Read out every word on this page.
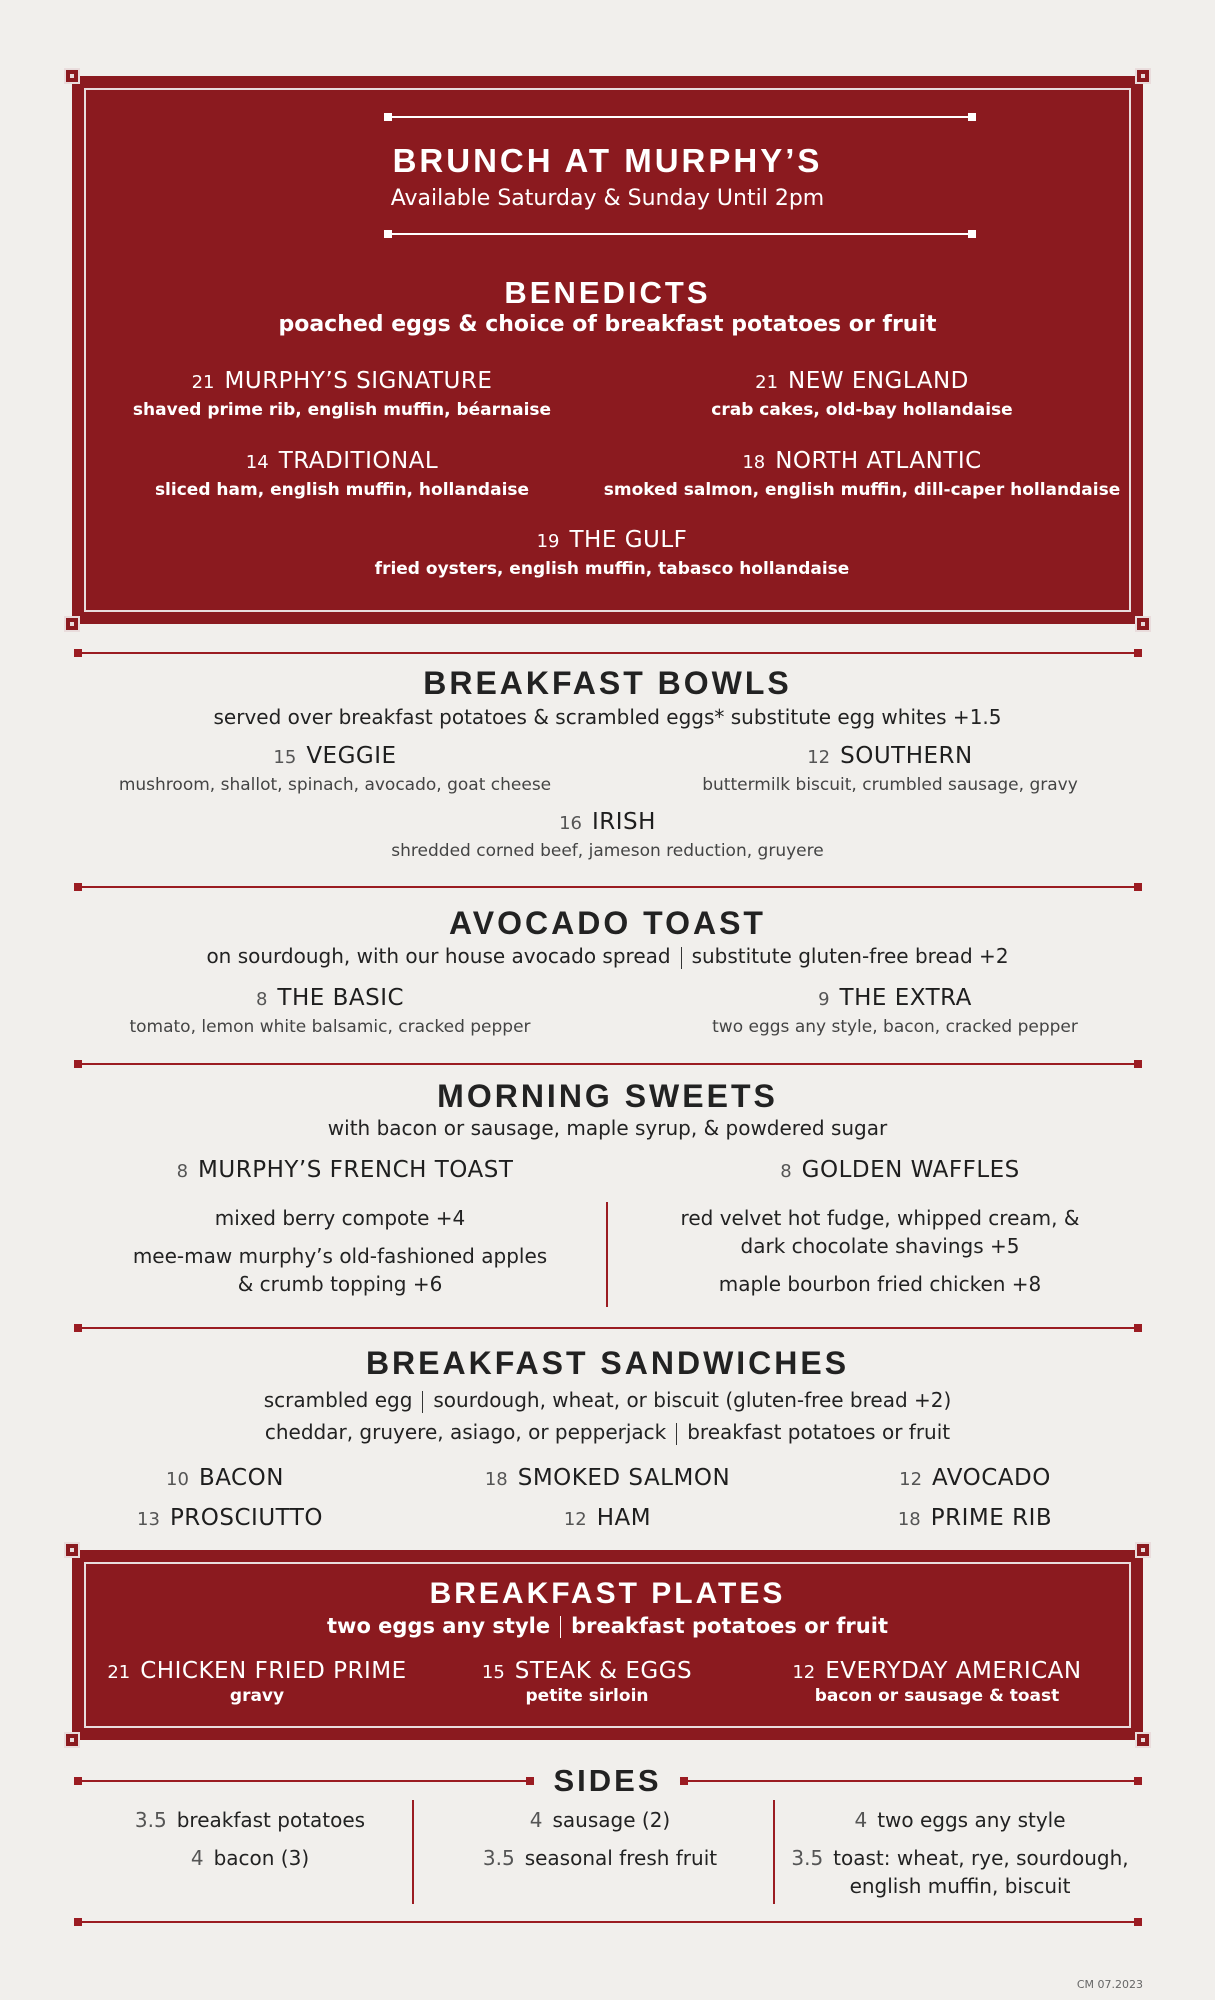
BRUNCH AT MURPHY’S
Available Saturday & Sunday Until 2pm
BENEDICTS
poached eggs & choice of breakfast potatoes or fruit
21 MURPHY’S SIGNATURE
shaved prime rib, english muffin, béarnaise
21 NEW ENGLAND
crab cakes, old-bay hollandaise
14 TRADITIONAL
sliced ham, english muffin, hollandaise
18 NORTH ATLANTIC
smoked salmon, english muffin, dill-caper hollandaise
19 THE GULF
fried oysters, english muffin, tabasco hollandaise
BREAKFAST BOWLS
served over breakfast potatoes & scrambled eggs* substitute egg whites +1.5
15 VEGGIE
mushroom, shallot, spinach, avocado, goat cheese
12 SOUTHERN
buttermilk biscuit, crumbled sausage, gravy
16 IRISH
shredded corned beef, jameson reduction, gruyere
AVOCADO TOAST
on sourdough, with our house avocado spread substitute gluten-free bread +2
8 THE BASIC
tomato, lemon white balsamic, cracked pepper
9 THE EXTRA
two eggs any style, bacon, cracked pepper
MORNING SWEETS
with bacon or sausage, maple syrup, & powdered sugar
8 MURPHY’S FRENCH TOAST	8 GOLDEN WAFFLES
mixed berry compote +4
mee-maw murphy’s old-fashioned apples
& crumb topping +6
red velvet hot fudge, whipped cream, &
dark chocolate shavings +5
maple bourbon fried chicken +8
BREAKFAST SANDWICHES
scrambled egg sourdough, wheat, or biscuit (gluten-free bread +2)
cheddar, gruyere, asiago, or pepperjack breakfast potatoes or fruit
10 BACON	18 SMOKED SALMON	12 AVOCADO
13 PROSCIUTTO	12 HAM	18 PRIME RIB
BREAKFAST PLATES
two eggs any style breakfast potatoes or fruit
21 CHICKEN FRIED PRIME
gravy
15 STEAK & EGGS
petite sirloin
12 EVERYDAY AMERICAN
bacon or sausage & toast
SIDES
3.5 breakfast potatoes
4 bacon (3)
4 sausage (2)
3.5 seasonal fresh fruit
4 two eggs any style
3.5 toast: wheat, rye, sourdough,
english muffin, biscuit
CM 07.2023
